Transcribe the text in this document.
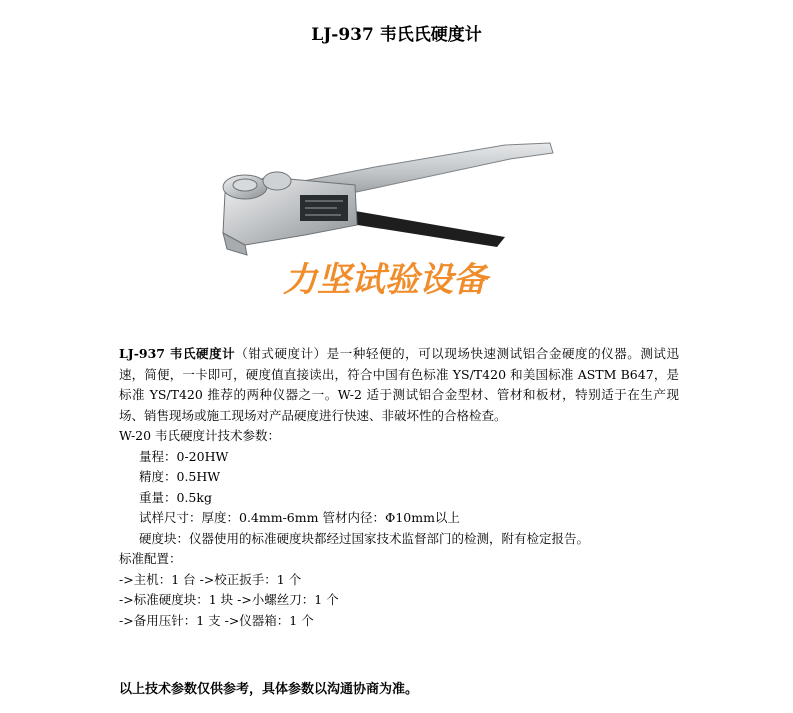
LJ-937 韦氏氏硬度计
力坚试验设备

LJ-937 韦氏硬度计（钳式硬度计）是一种轻便的，可以现场快速测试铝合金硬度的仪器。测试迅速，简便，一卡即可，硬度值直接读出，符合中国有色标准 YS/T420 和美国标准 ASTM B647，是标准 YS/T420 推荐的两种仪器之一。W-2 适于测试铝合金型材、管材和板材，特别适于在生产现场、销售现场或施工现场对产品硬度进行快速、非破坏性的合格检查。

W-20 韦氏硬度计技术参数：

量程：0-20HW

精度：0.5HW

重量：0.5kg

试样尺寸：厚度：0.4mm-6mm 管材内径：Ф10mm以上

硬度块：仪器使用的标准硬度块都经过国家技术监督部门的检测，附有检定报告。

标准配置：

->主机：1 台 ->校正扳手：1 个

->标准硬度块：1 块 ->小螺丝刀：1 个

->备用压针：1 支 ->仪器箱：1 个

以上技术参数仅供参考，具体参数以沟通协商为准。
